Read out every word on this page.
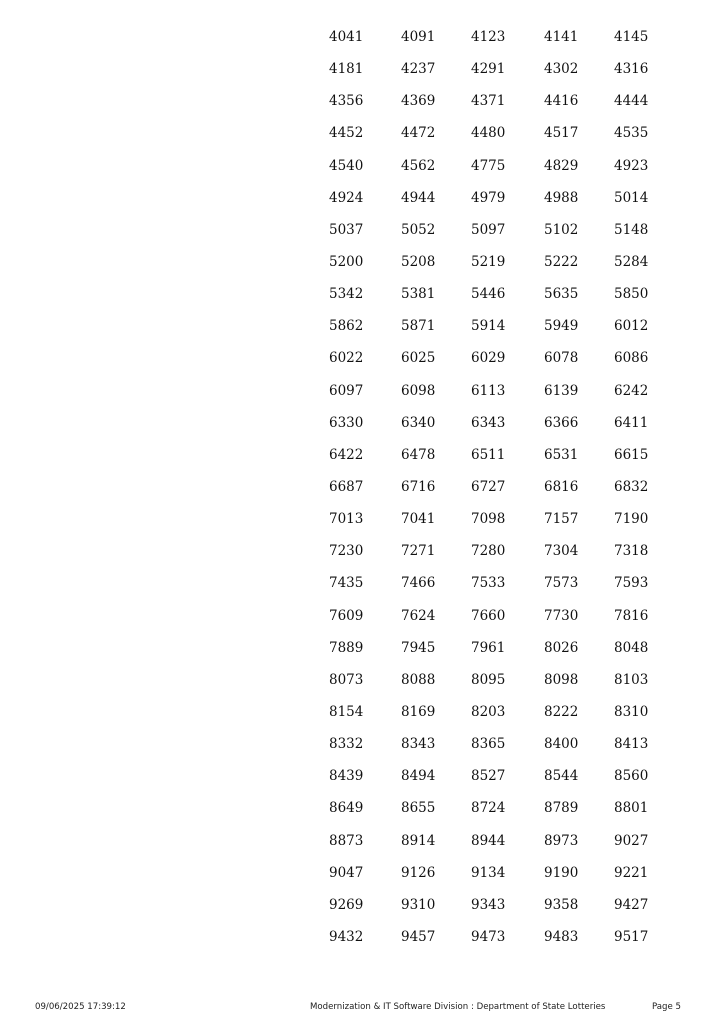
4041	4091	4123	4141	4145
4181	4237	4291	4302	4316
4356	4369	4371	4416	4444
4452	4472	4480	4517	4535
4540	4562	4775	4829	4923
4924	4944	4979	4988	5014
5037	5052	5097	5102	5148
5200	5208	5219	5222	5284
5342	5381	5446	5635	5850
5862	5871	5914	5949	6012
6022	6025	6029	6078	6086
6097	6098	6113	6139	6242
6330	6340	6343	6366	6411
6422	6478	6511	6531	6615
6687	6716	6727	6816	6832
7013	7041	7098	7157	7190
7230	7271	7280	7304	7318
7435	7466	7533	7573	7593
7609	7624	7660	7730	7816
7889	7945	7961	8026	8048
8073	8088	8095	8098	8103
8154	8169	8203	8222	8310
8332	8343	8365	8400	8413
8439	8494	8527	8544	8560
8649	8655	8724	8789	8801
8873	8914	8944	8973	9027
9047	9126	9134	9190	9221
9269	9310	9343	9358	9427
9432	9457	9473	9483	9517
09/06/2025 17:39:12	Modernization & IT Software Division : Department of State Lotteries	Page 5
